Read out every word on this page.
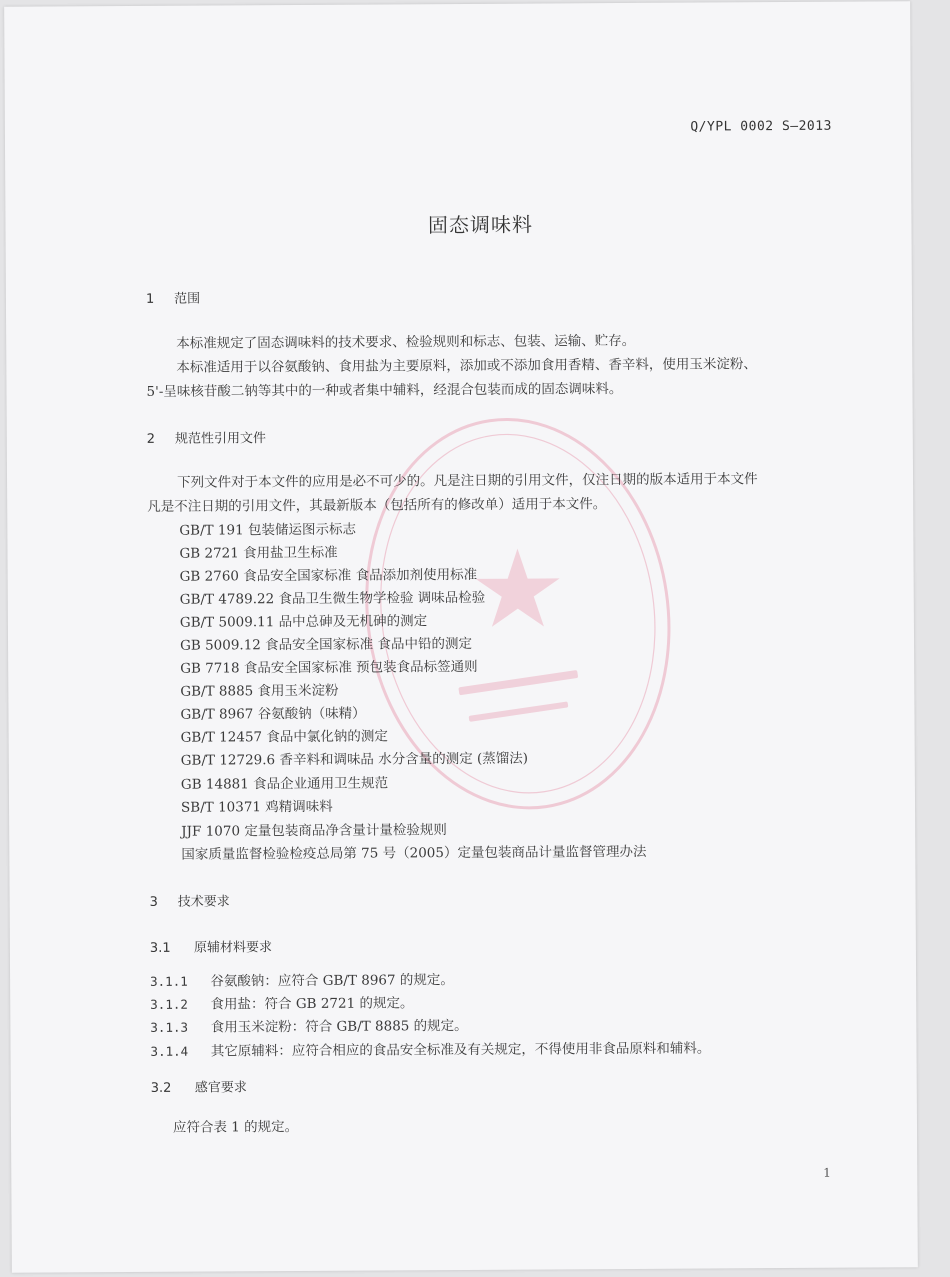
Q/YPL 0002 S—2013
固态调味料
1 范围
本标准规定了固态调味料的技术要求、检验规则和标志、包装、运输、贮存。
本标准适用于以谷氨酸钠、食用盐为主要原料，添加或不添加食用香精、香辛料，使用玉米淀粉、
5'-呈味核苷酸二钠等其中的一种或者集中辅料，经混合包装而成的固态调味料。
2 规范性引用文件
下列文件对于本文件的应用是必不可少的。凡是注日期的引用文件，仅注日期的版本适用于本文件
凡是不注日期的引用文件，其最新版本（包括所有的修改单）适用于本文件。
GB/T 191 包装储运图示标志
GB 2721 食用盐卫生标准
GB 2760 食品安全国家标准 食品添加剂使用标准
GB/T 4789.22 食品卫生微生物学检验 调味品检验
GB/T 5009.11 品中总砷及无机砷的测定
GB 5009.12 食品安全国家标准 食品中铅的测定
GB 7718 食品安全国家标准 预包装食品标签通则
GB/T 8885 食用玉米淀粉
GB/T 8967 谷氨酸钠（味精）
GB/T 12457 食品中氯化钠的测定
GB/T 12729.6 香辛料和调味品 水分含量的测定 (蒸馏法)
GB 14881 食品企业通用卫生规范
SB/T 10371 鸡精调味料
JJF 1070 定量包装商品净含量计量检验规则
国家质量监督检验检疫总局第 75 号（2005）定量包装商品计量监督管理办法
3 技术要求
3.1 原辅材料要求
3.1.1 谷氨酸钠：应符合 GB/T 8967 的规定。
3.1.2 食用盐：符合 GB 2721 的规定。
3.1.3 食用玉米淀粉：符合 GB/T 8885 的规定。
3.1.4 其它原辅料：应符合相应的食品安全标准及有关规定，不得使用非食品原料和辅料。
3.2 感官要求
应符合表 1 的规定。
1
